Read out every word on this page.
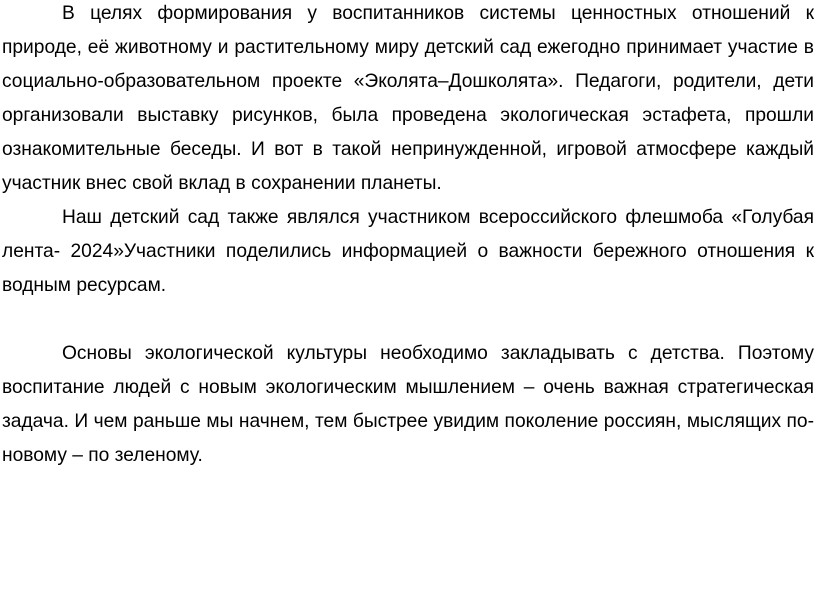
В целях формирования у воспитанников системы ценностных отношений к природе, её животному и растительному миру детский сад ежегодно принимает участие в социально-образовательном проекте «Эколята–Дошколята». Педагоги, родители, дети организовали выставку рисунков, была проведена экологическая эстафета, прошли ознакомительные беседы. И вот в такой непринужденной, игровой атмосфере каждый участник внес свой вклад в сохранении планеты.

Наш детский сад также являлся участником всероссийского флешмоба «Голубая лента- 2024»Участники поделились информацией о важности бережного отношения к водным ресурсам.

Основы экологической культуры необходимо закладывать с детства. Поэтому воспитание людей с новым экологическим мышлением – очень важная стратегическая задача. И чем раньше мы начнем, тем быстрее увидим поколение россиян, мыслящих по-новому – по зеленому.
